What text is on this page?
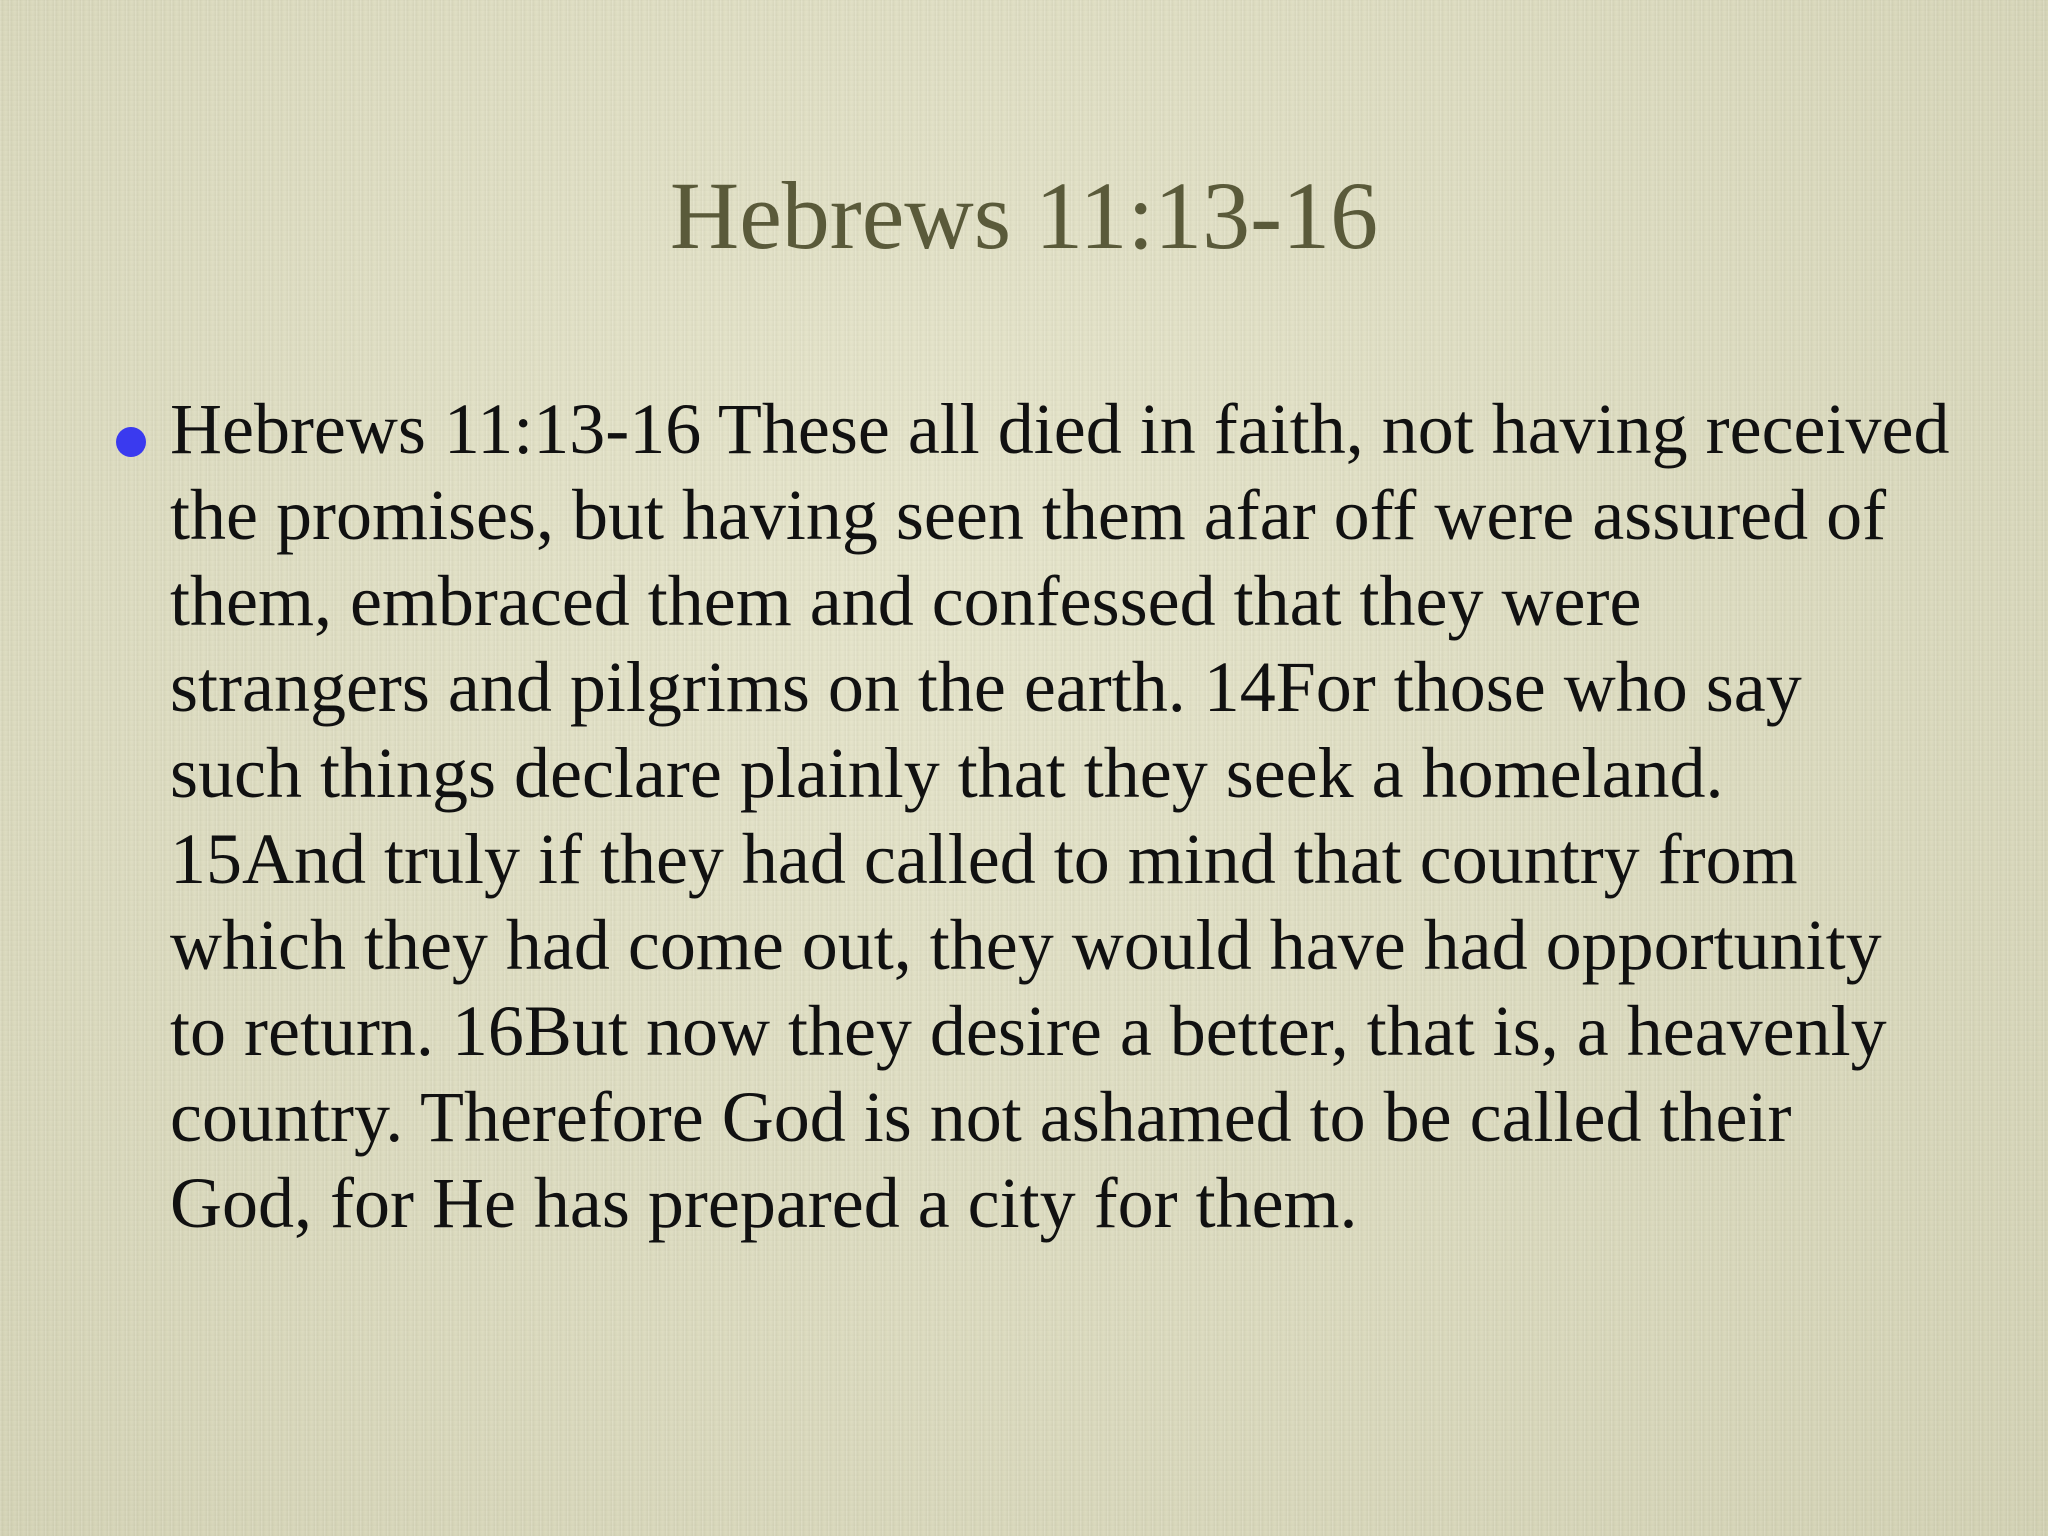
Hebrews 11:13-16

Hebrews 11:13-16 These all died in faith, not having received
the promises, but having seen them afar off were assured of
them, embraced them and confessed that they were
strangers and pilgrims on the earth. 14For those who say
such things declare plainly that they seek a homeland.
15And truly if they had called to mind that country from
which they had come out, they would have had opportunity
to return. 16But now they desire a better, that is, a heavenly
country. Therefore God is not ashamed to be called their
God, for He has prepared a city for them.
